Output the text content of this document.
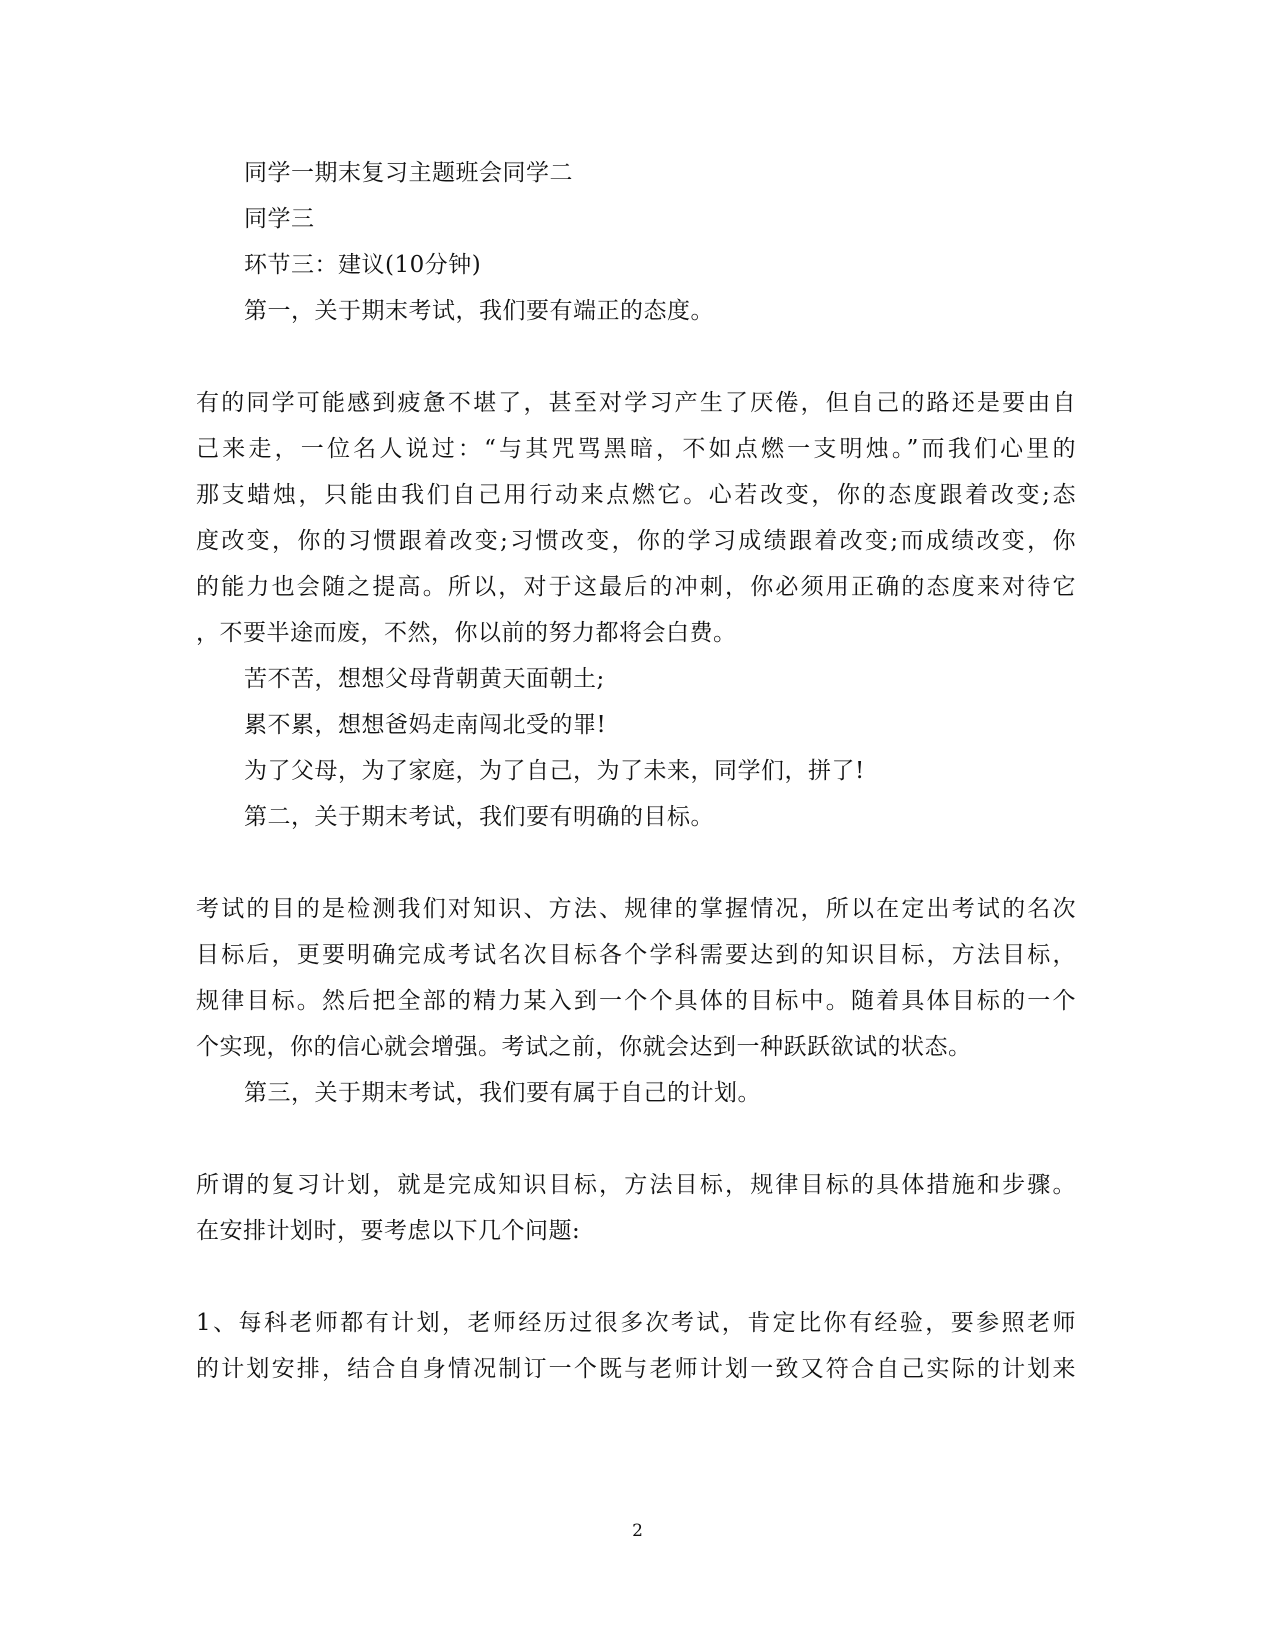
同学一期末复习主题班会同学二
同学三
环节三：建议(10分钟)
第一，关于期末考试，我们要有端正的态度。
有的同学可能感到疲惫不堪了，甚至对学习产生了厌倦，但自己的路还是要由自
己来走，一位名人说过：“与其咒骂黑暗，不如点燃一支明烛。”而我们心里的
那支蜡烛，只能由我们自己用行动来点燃它。心若改变，你的态度跟着改变;态
度改变，你的习惯跟着改变;习惯改变，你的学习成绩跟着改变;而成绩改变，你
的能力也会随之提高。所以，对于这最后的冲刺，你必须用正确的态度来对待它
，不要半途而废，不然，你以前的努力都将会白费。
苦不苦，想想父母背朝黄天面朝土;
累不累，想想爸妈走南闯北受的罪!
为了父母，为了家庭，为了自己，为了未来，同学们，拼了!
第二，关于期末考试，我们要有明确的目标。
考试的目的是检测我们对知识、方法、规律的掌握情况，所以在定出考试的名次
目标后，更要明确完成考试名次目标各个学科需要达到的知识目标，方法目标，
规律目标。然后把全部的精力某入到一个个具体的目标中。随着具体目标的一个
个实现，你的信心就会增强。考试之前，你就会达到一种跃跃欲试的状态。
第三，关于期末考试，我们要有属于自己的计划。
所谓的复习计划，就是完成知识目标，方法目标，规律目标的具体措施和步骤。
在安排计划时，要考虑以下几个问题:
1、每科老师都有计划，老师经历过很多次考试，肯定比你有经验，要参照老师
的计划安排，结合自身情况制订一个既与老师计划一致又符合自己实际的计划来
2
